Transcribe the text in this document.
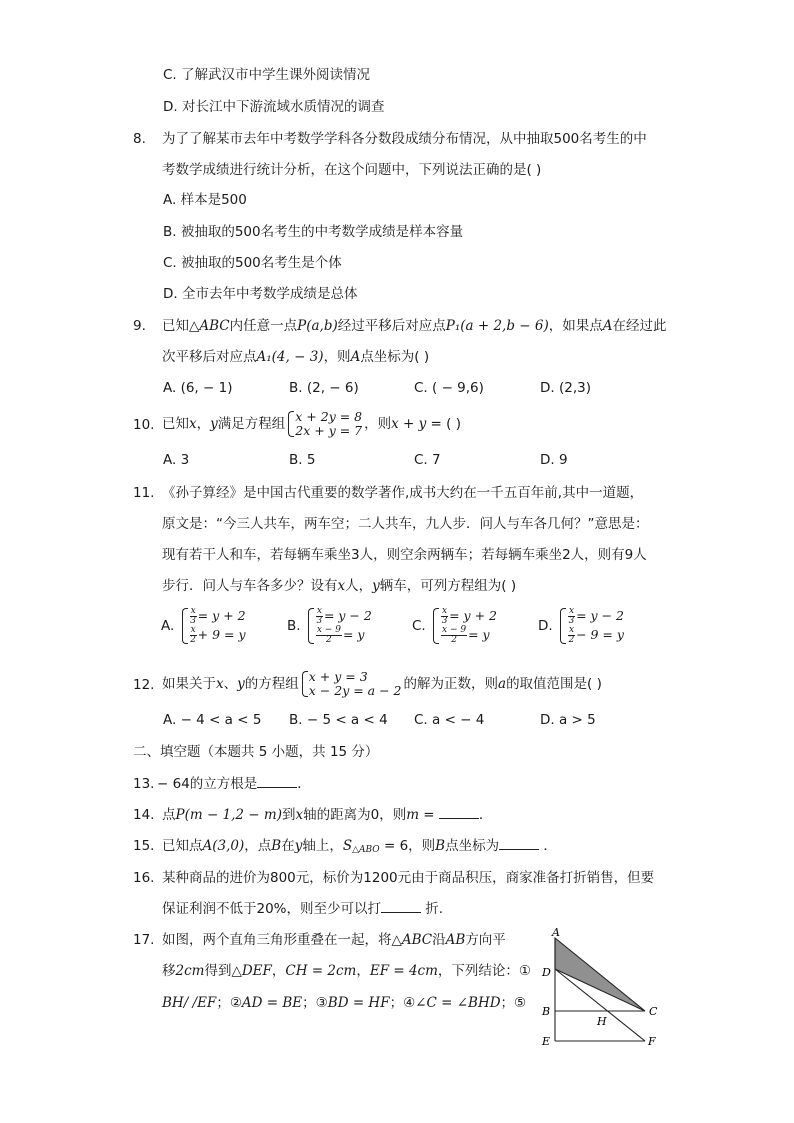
C. 了解武汉市中学生课外阅读情况
D. 对长江中下游流域水质情况的调查
8. 为了了解某市去年中考数学学科各分数段成绩分布情况，从中抽取500名考生的中
考数学成绩进行统计分析，在这个问题中，下列说法正确的是( )
A. 样本是500
B. 被抽取的500名考生的中考数学成绩是样本容量
C. 被抽取的500名考生是个体
D. 全市去年中考数学成绩是总体
9. 已知△ABC内任意一点P(a,b)经过平移后对应点P₁(a + 2,b − 6)，如果点A在经过此
次平移后对应点A₁(4, − 3)，则A点坐标为( )
A. (6, − 1)	B. (2, − 6)	C. ( − 9,6)	D. (2,3)
10. 已知x，y满足方程组 x + 2y = 8
2x + y = 7 ，则x + y = ( )
A. 3	B. 5	C. 7	D. 9
11. 《孙子算经》是中国古代重要的数学著作,成书大约在一千五百年前,其中一道题，
原文是：“今三人共车，两车空；二人共车，九人步．问人与车各几何？”意思是：
现有若干人和车，若每辆车乘坐3人，则空余两辆车；若每辆车乘坐2人，则有9人
步行．问人与车各多少？设有x人，y辆车，可列方程组为( )
A. $\frac{x}{3} = y + 2$
$\frac{x}{2} + 9 = y$
B. $\frac{x}{3} = y - 2$
$\frac{x - 9}{2} = y$
C. $\frac{x}{3} = y + 2$
$\frac{x - 9}{2} = y$
D. $\frac{x}{3} = y - 2$
$\frac{x}{2} - 9 = y$
12. 如果关于x、y的方程组 x + y = 3
x − 2y = a − 2 的解为正数，则a的取值范围是( )
A. − 4 < a < 5 B. − 5 < a < 4 C. a < − 4	D. a > 5
二、填空题（本题共 5 小题，共 15 分）
13. − 64的立方根是	．
14. 点P(m − 1,2 − m)到x轴的距离为0，则m =	．
15. 已知点A(3,0)，点B在y轴上，S△ABO = 6，则B点坐标为	．
16. 某种商品的进价为800元，标价为1200元由于商品积压，商家准备打折销售，但要
保证利润不低于20%，则至少可以打	折.
17. 如图，两个直角三角形重叠在一起，将△ABC沿AB方向平
移2cm得到△DEF，CH = 2cm，EF = 4cm，下列结论：①
BH/ /EF；②AD = BE；③BD = HF；④∠C = ∠BHD；⑤
A
D
B
E
C
F
H
